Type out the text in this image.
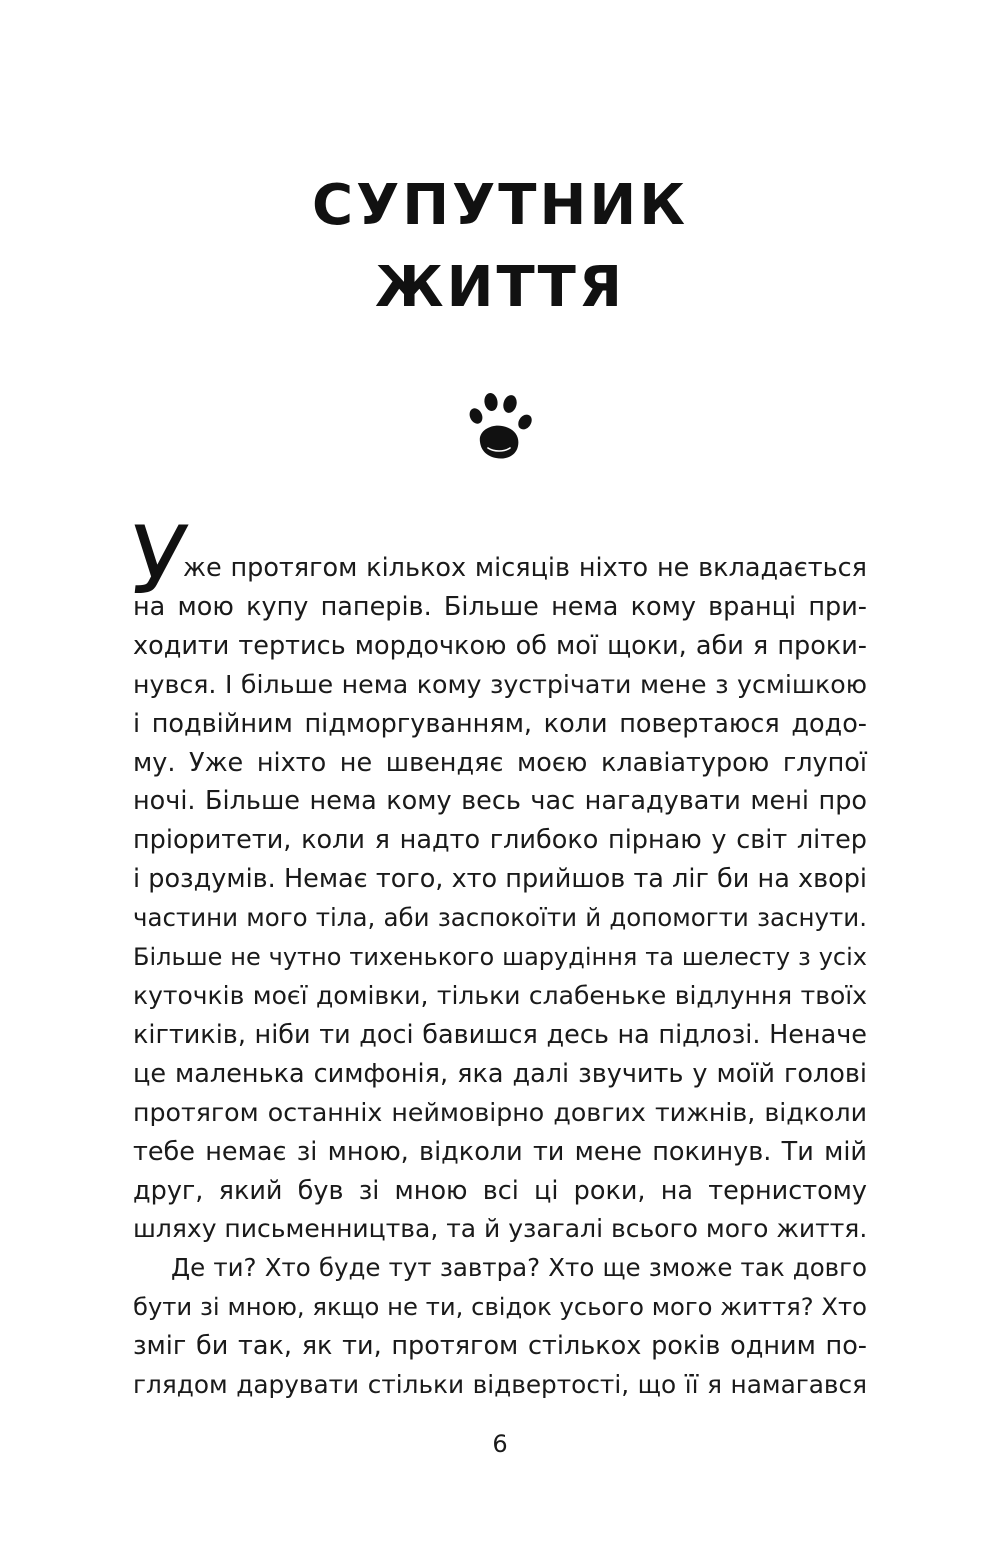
СУПУТНИК
ЖИТТЯ
У
же протягом кількох місяців ніхто не вкладається
на мою купу паперів. Більше нема кому вранці при-
ходити тертись мордочкою об мої щоки, аби я проки-
нувся. І більше нема кому зустрічати мене з усмішкою
і подвійним підморгуванням, коли повертаюся додо-
му. Уже ніхто не швендяє моєю клавіатурою глупої
ночі. Більше нема кому весь час нагадувати мені про
пріоритети, коли я надто глибоко пірнаю у світ літер
і роздумів. Немає того, хто прийшов та ліг би на хворі
частини мого тіла, аби заспокоїти й допомогти заснути.
Більше не чутно тихенького шарудіння та шелесту з усіх
куточків моєї домівки, тільки слабеньке відлуння твоїх
кігтиків, ніби ти досі бавишся десь на підлозі. Неначе
це маленька симфонія, яка далі звучить у моїй голові
протягом останніх неймовірно довгих тижнів, відколи
тебе немає зі мною, відколи ти мене покинув. Ти мій
друг, який був зі мною всі ці роки, на тернистому
шляху письменництва, та й узагалі всього мого життя.
Де ти? Хто буде тут завтра? Хто ще зможе так довго
бути зі мною, якщо не ти, свідок усього мого життя? Хто
зміг би так, як ти, протягом стількох років одним по-
глядом дарувати стільки відвертості, що її я намагався
6
